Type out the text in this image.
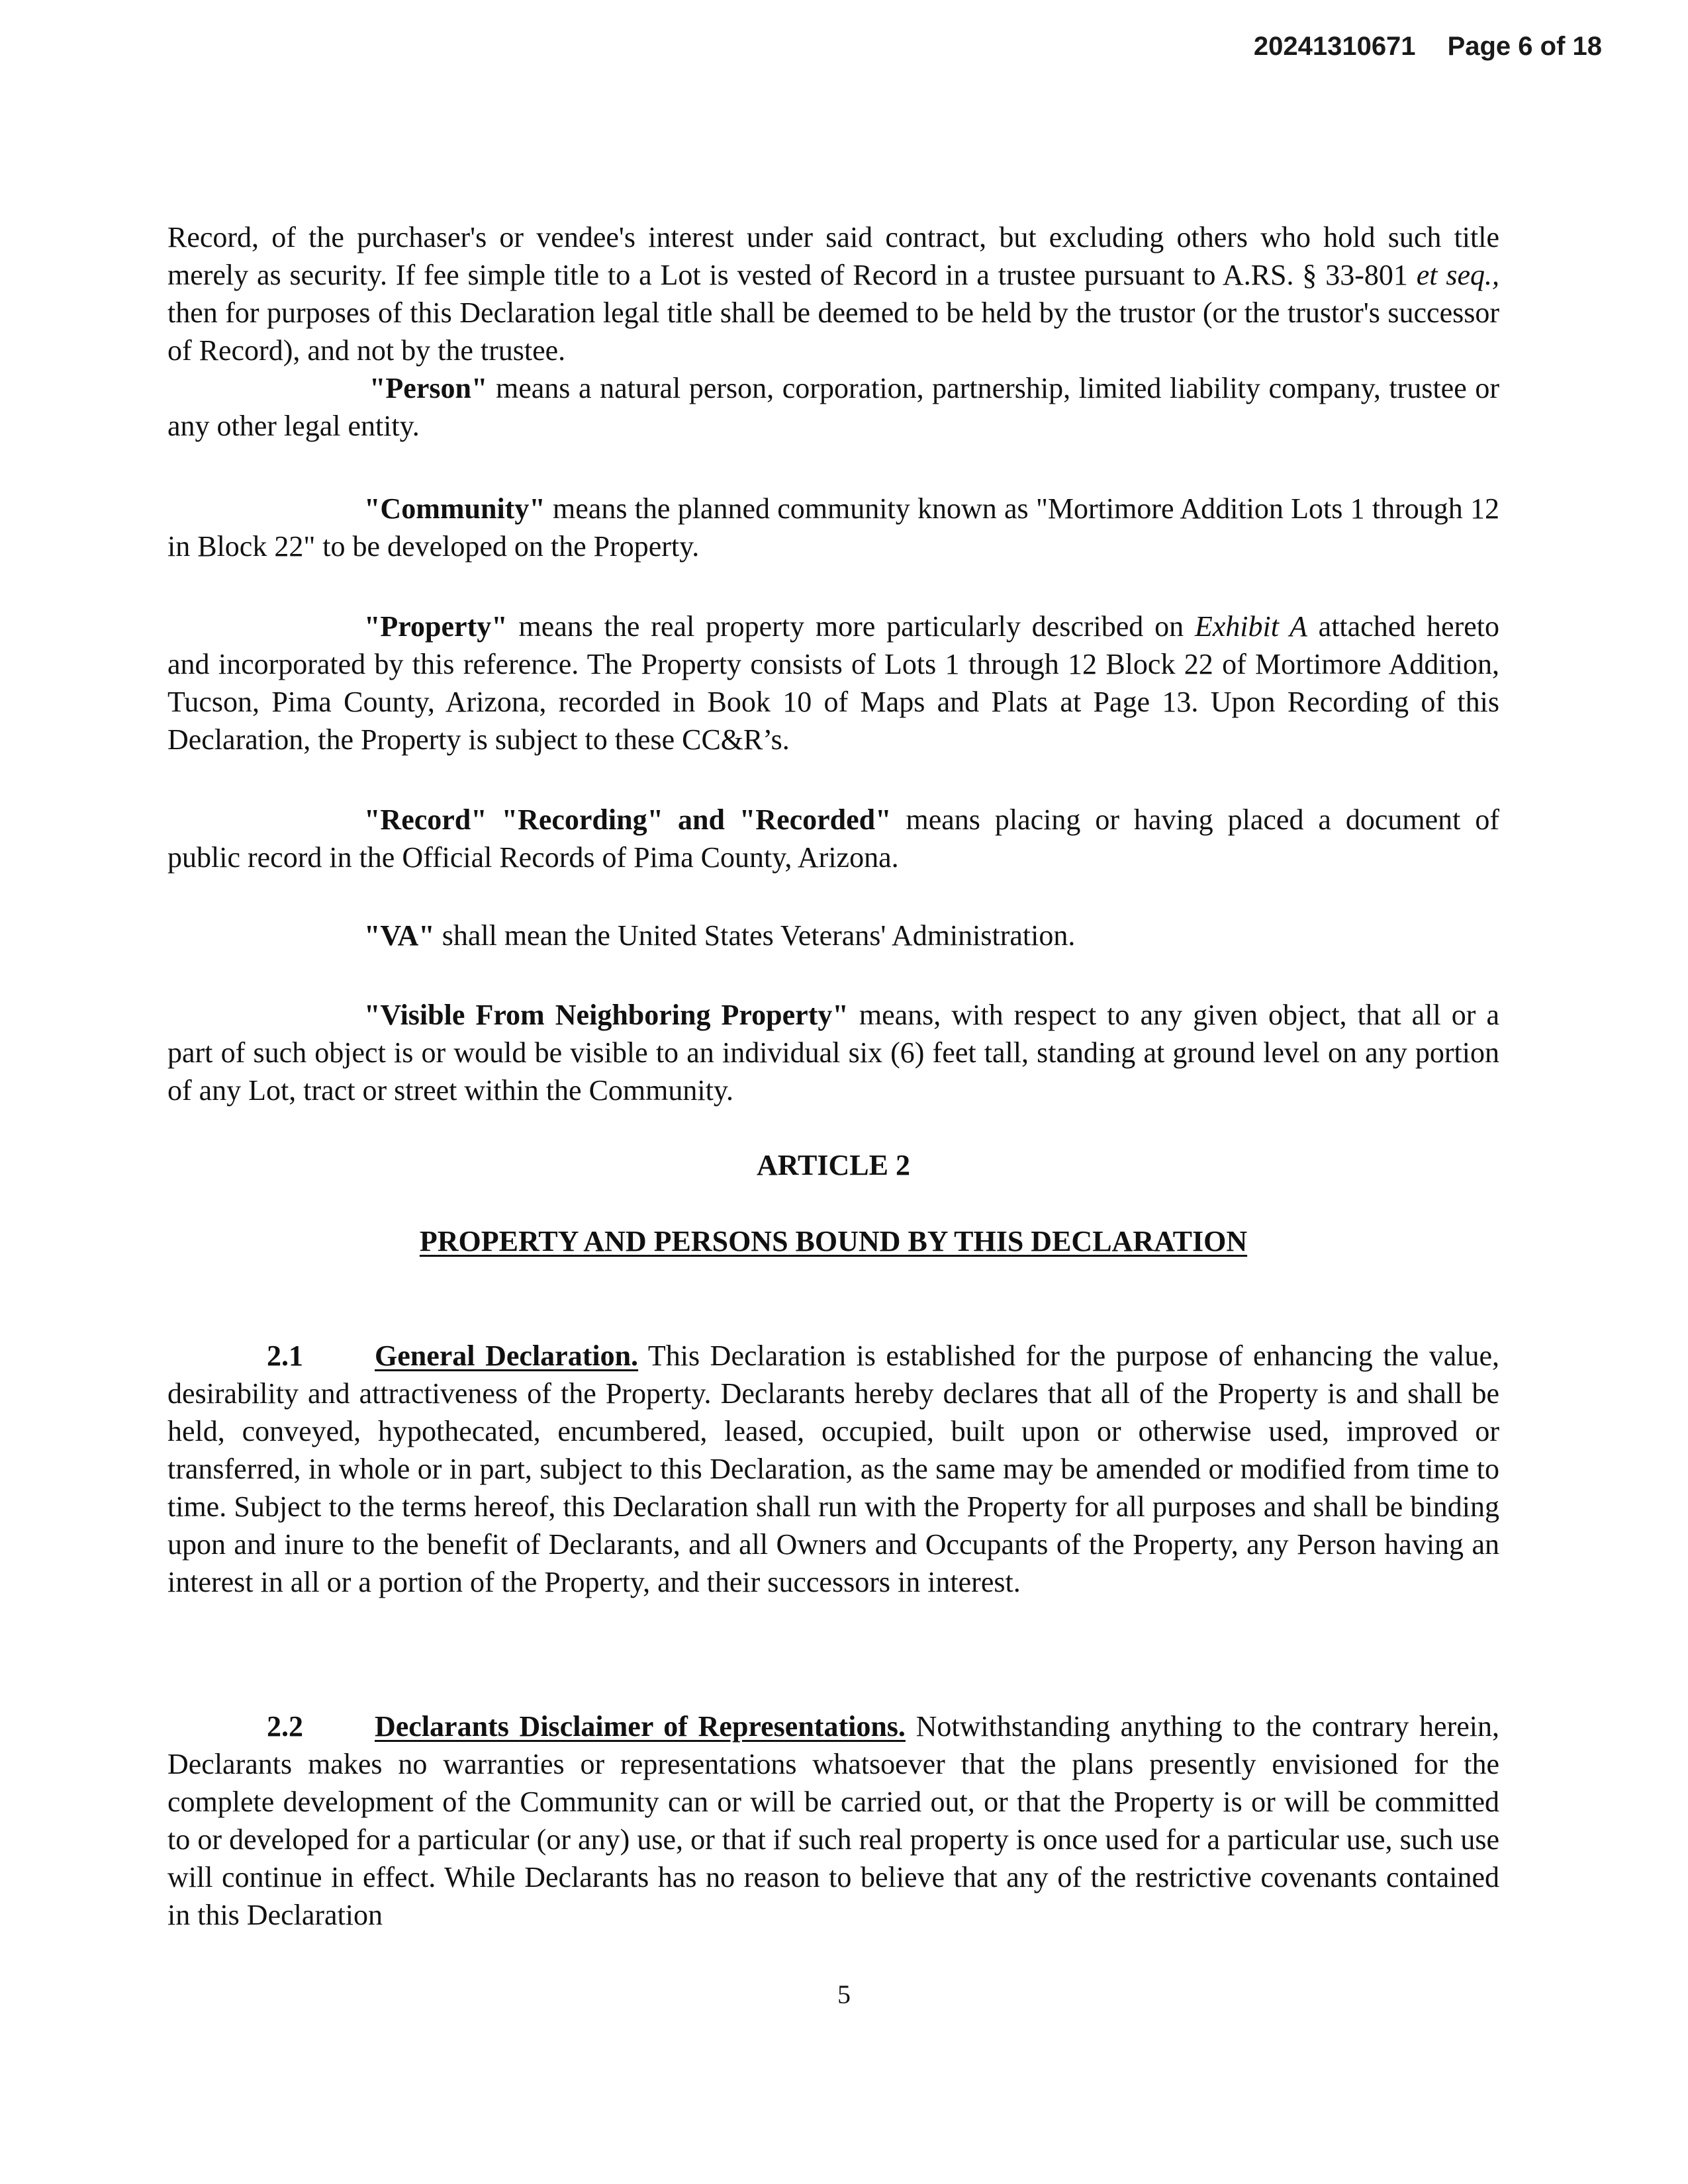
20241310671 Page 6 of 18

Record, of the purchaser's or vendee's interest under said contract, but excluding others who hold such title merely as security. If fee simple title to a Lot is vested of Record in a trustee pursuant to A.RS. § 33-801 et seq., then for purposes of this Declaration legal title shall be deemed to be held by the trustor (or the trustor's successor of Record), and not by the trustee.

"Person" means a natural person, corporation, partnership, limited liability company, trustee or any other legal entity.

"Community" means the planned community known as "Mortimore Addition Lots 1 through 12 in Block 22" to be developed on the Property.

"Property" means the real property more particularly described on Exhibit A attached hereto and incorporated by this reference. The Property consists of Lots 1 through 12 Block 22 of Mortimore Addition, Tucson, Pima County, Arizona, recorded in Book 10 of Maps and Plats at Page 13. Upon Recording of this Declaration, the Property is subject to these CC&R’s.

"Record" "Recording" and "Recorded" means placing or having placed a document of public record in the Official Records of Pima County, Arizona.

"VA" shall mean the United States Veterans' Administration.

"Visible From Neighboring Property" means, with respect to any given object, that all or a part of such object is or would be visible to an individual six (6) feet tall, standing at ground level on any portion of any Lot, tract or street within the Community.

ARTICLE 2

PROPERTY AND PERSONS BOUND BY THIS DECLARATION

2.1 General Declaration. This Declaration is established for the purpose of enhancing the value, desirability and attractiveness of the Property. Declarants hereby declares that all of the Property is and shall be held, conveyed, hypothecated, encumbered, leased, occupied, built upon or otherwise used, improved or transferred, in whole or in part, subject to this Declaration, as the same may be amended or modified from time to time. Subject to the terms hereof, this Declaration shall run with the Property for all purposes and shall be binding upon and inure to the benefit of Declarants, and all Owners and Occupants of the Property, any Person having an interest in all or a portion of the Property, and their successors in interest.

2.2 Declarants Disclaimer of Representations. Notwithstanding anything to the contrary herein, Declarants makes no warranties or representations whatsoever that the plans presently envisioned for the complete development of the Community can or will be carried out, or that the Property is or will be committed to or developed for a particular (or any) use, or that if such real property is once used for a particular use, such use will continue in effect. While Declarants has no reason to believe that any of the restrictive covenants contained in this Declaration

5
